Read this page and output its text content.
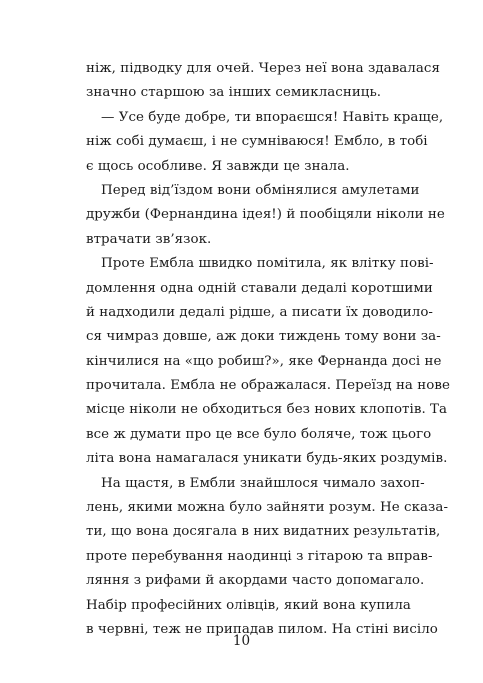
ніж, підводку для очей. Через неї вона здавалася
значно старшою за інших семикласниць.
— Усе буде добре, ти впораєшся! Навіть краще,
ніж собі думаєш, і не сумніваюся! Ембло, в тобі
є щось особливе. Я завжди це знала.
Перед від’їздом вони обмінялися амулетами
дружби (Фернандина ідея!) й пообіцяли ніколи не
втрачати зв’язок.
Проте Ембла швидко помітила, як влітку пові-
домлення одна одній ставали дедалі коротшими
й надходили дедалі рідше, а писати їх доводило-
ся чимраз довше, аж доки тиждень тому вони за-
кінчилися на «що робиш?», яке Фернанда досі не
прочитала. Ембла не ображалася. Переїзд на нове
місце ніколи не обходиться без нових клопотів. Та
все ж думати про це все було боляче, тож цього
літа вона намагалася уникати будь-яких роздумів.
На щастя, в Ембли знайшлося чимало захоп-
лень, якими можна було зайняти розум. Не сказа-
ти, що вона досягала в них видатних результатів,
проте перебування наодинці з гітарою та вправ-
ляння з рифами й акордами часто допомагало.
Набір професійних олівців, який вона купила
в червні, теж не припадав пилом. На стіні висіло
10
